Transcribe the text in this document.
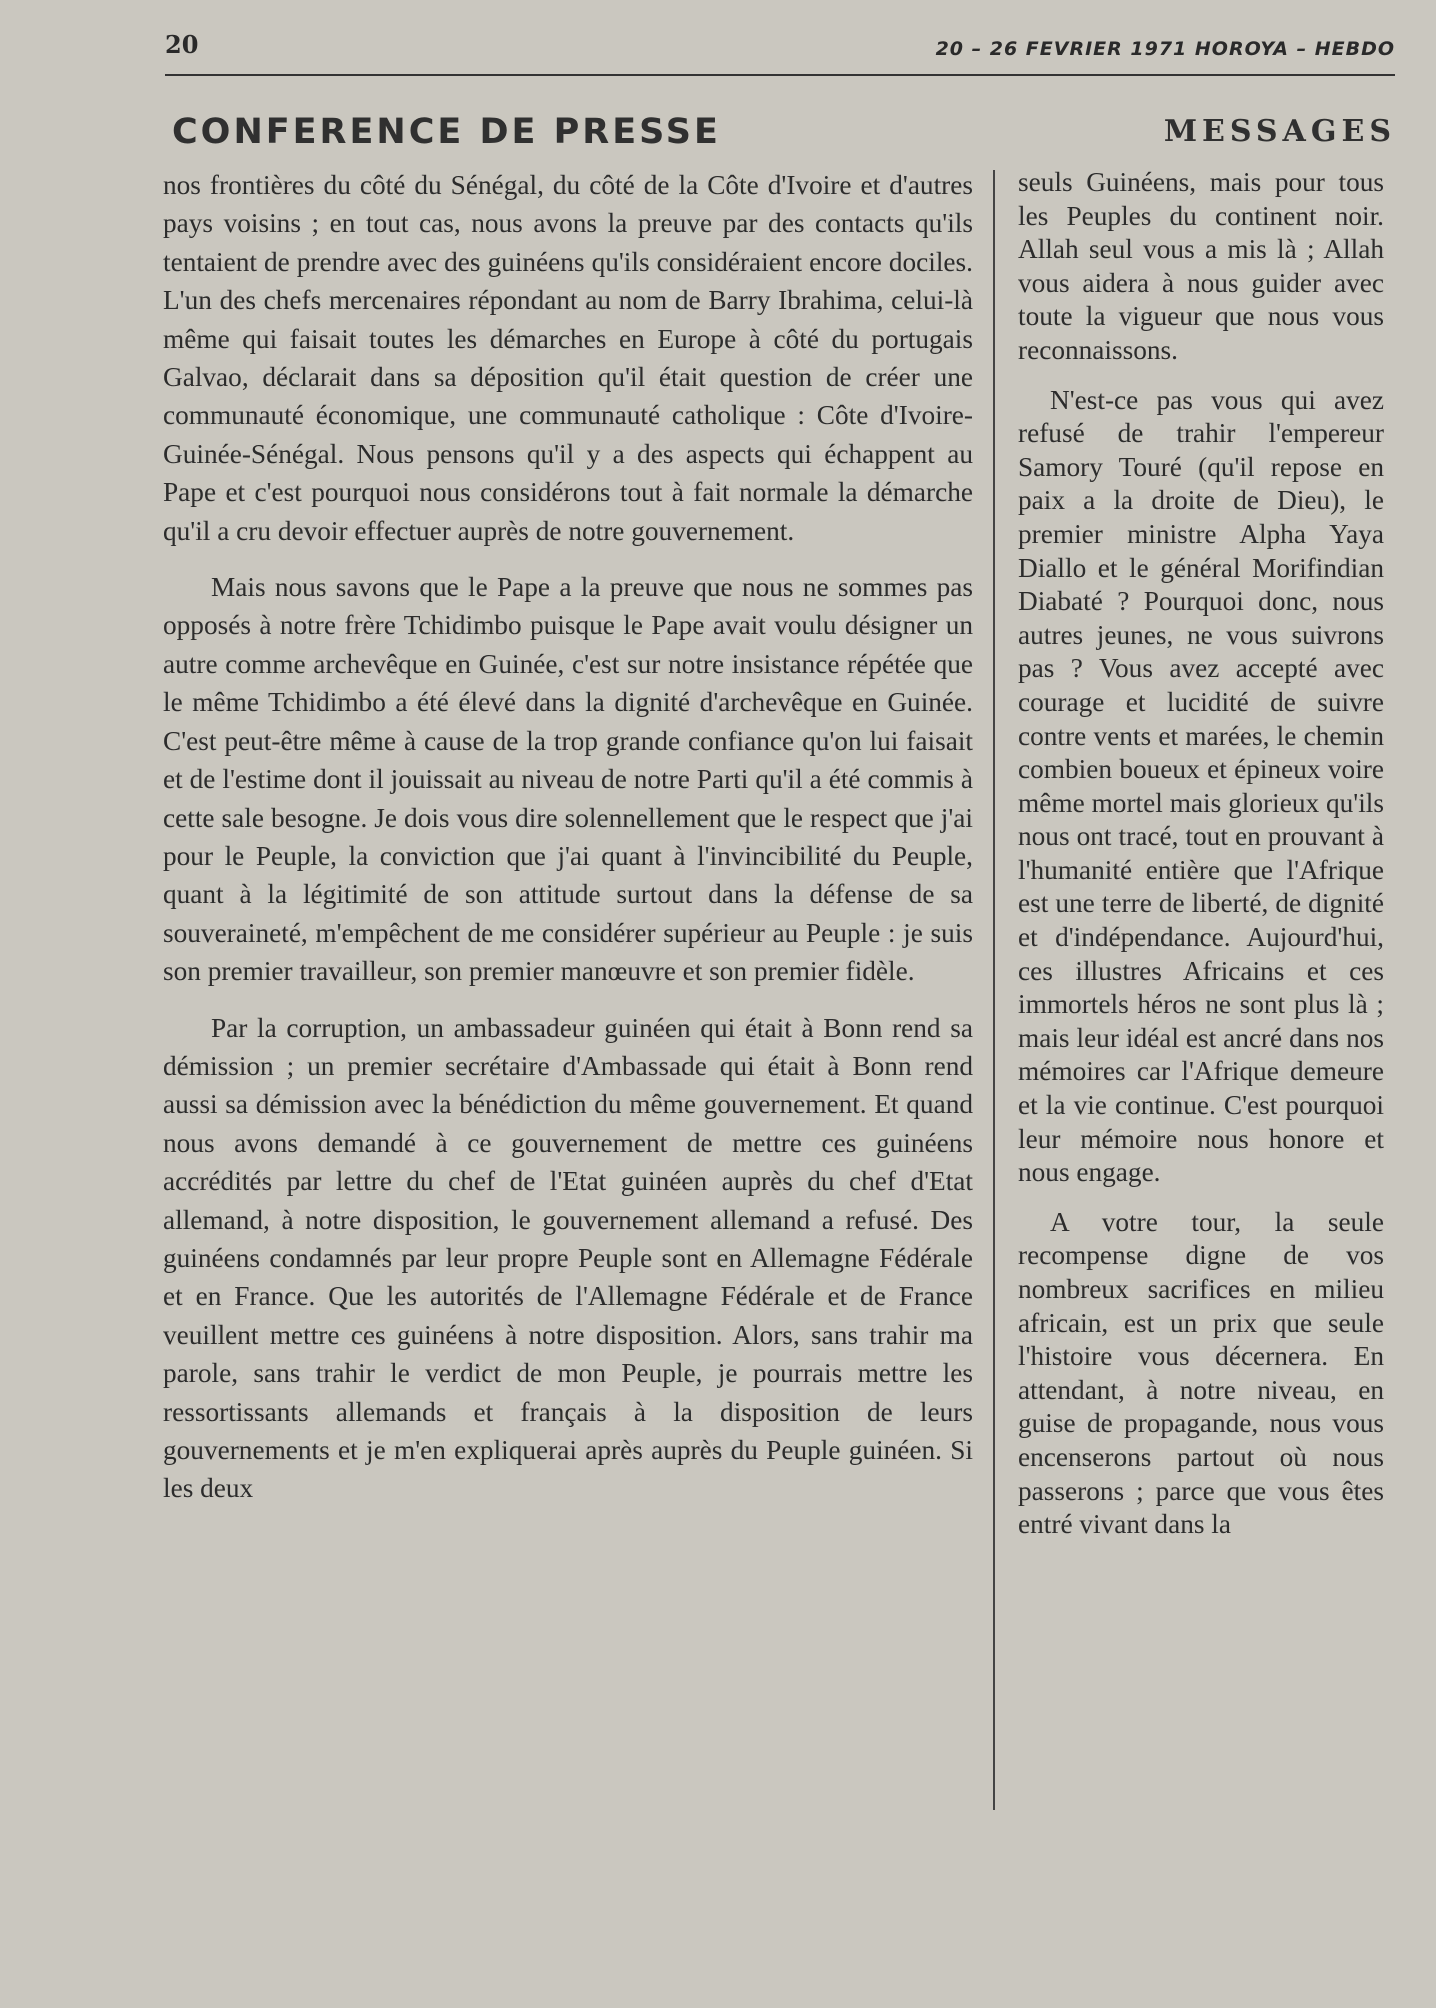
20	20 – 26 FEVRIER 1971 HOROYA – HEBDO
CONFERENCE DE PRESSE	MESSAGES

nos frontières du côté du Sénégal, du côté de la Côte d'Ivoire et d'autres pays voisins ; en tout cas, nous avons la preuve par des contacts qu'ils tentaient de prendre avec des guinéens qu'ils considéraient encore dociles. L'un des chefs mercenaires répondant au nom de Barry Ibrahima, celui-là même qui faisait toutes les démarches en Europe à côté du portugais Galvao, déclarait dans sa déposition qu'il était question de créer une communauté économique, une communauté catholique : Côte d'Ivoire-Guinée-Sénégal. Nous pensons qu'il y a des aspects qui échappent au Pape et c'est pourquoi nous considérons tout à fait normale la démarche qu'il a cru devoir effectuer auprès de notre gouvernement.

Mais nous savons que le Pape a la preuve que nous ne sommes pas opposés à notre frère Tchidimbo puisque le Pape avait voulu désigner un autre comme archevêque en Guinée, c'est sur notre insistance répétée que le même Tchidimbo a été élevé dans la dignité d'archevêque en Guinée. C'est peut-être même à cause de la trop grande confiance qu'on lui faisait et de l'estime dont il jouissait au niveau de notre Parti qu'il a été commis à cette sale besogne. Je dois vous dire solennellement que le respect que j'ai pour le Peuple, la conviction que j'ai quant à l'invincibilité du Peuple, quant à la légitimité de son attitude surtout dans la défense de sa souveraineté, m'empêchent de me considérer supérieur au Peuple : je suis son premier travailleur, son premier manœuvre et son premier fidèle.

Par la corruption, un ambassadeur guinéen qui était à Bonn rend sa démission ; un premier secrétaire d'Ambassade qui était à Bonn rend aussi sa démission avec la bénédiction du même gouvernement. Et quand nous avons demandé à ce gouvernement de mettre ces guinéens accrédités par lettre du chef de l'Etat guinéen auprès du chef d'Etat allemand, à notre disposition, le gouvernement allemand a refusé. Des guinéens condamnés par leur propre Peuple sont en Allemagne Fédérale et en France. Que les autorités de l'Allemagne Fédérale et de France veuillent mettre ces guinéens à notre disposition. Alors, sans trahir ma parole, sans trahir le verdict de mon Peuple, je pourrais mettre les ressortissants allemands et français à la disposition de leurs gouvernements et je m'en expliquerai après auprès du Peuple guinéen. Si les deux

seuls Guinéens, mais pour tous les Peuples du continent noir. Allah seul vous a mis là ; Allah vous aidera à nous guider avec toute la vigueur que nous vous reconnaissons.

N'est-ce pas vous qui avez refusé de trahir l'empereur Samory Touré (qu'il repose en paix a la droite de Dieu), le premier ministre Alpha Yaya Diallo et le général Morifindian Diabaté ? Pourquoi donc, nous autres jeunes, ne vous suivrons pas ? Vous avez accepté avec courage et lucidité de suivre contre vents et marées, le chemin combien boueux et épineux voire même mortel mais glorieux qu'ils nous ont tracé, tout en prouvant à l'humanité entière que l'Afrique est une terre de liberté, de dignité et d'indépendance. Aujourd'hui, ces illustres Africains et ces immortels héros ne sont plus là ; mais leur idéal est ancré dans nos mémoires car l'Afrique demeure et la vie continue. C'est pourquoi leur mémoire nous honore et nous engage.

A votre tour, la seule recompense digne de vos nombreux sacrifices en milieu africain, est un prix que seule l'histoire vous décernera. En attendant, à notre niveau, en guise de propagande, nous vous encenserons partout où nous passerons ; parce que vous êtes entré vivant dans la
